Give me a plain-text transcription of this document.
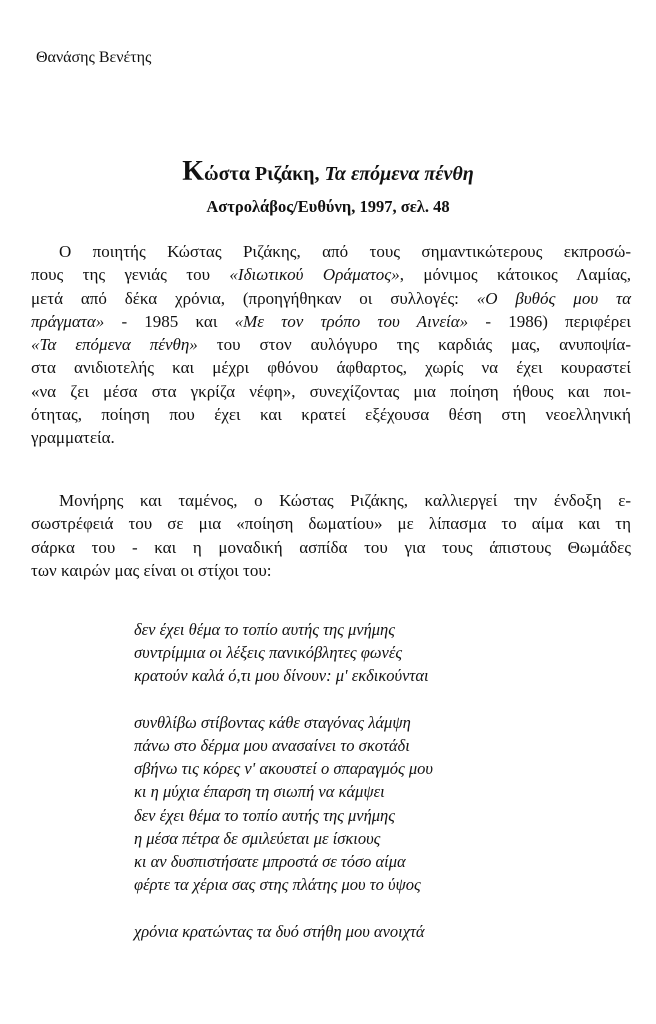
Θανάσης Βενέτης
Κώστα Ριζάκη, Τα επόμενα πένθη
Αστρολάβος/Ευθύνη, 1997, σελ. 48
Ο ποιητής Κώστας Ριζάκης, από τους σημαντικώτερους εκπροσώ-
πους της γενιάς του «Ιδιωτικού Οράματος», μόνιμος κάτοικος Λαμίας,
μετά από δέκα χρόνια, (προηγήθηκαν οι συλλογές: «Ο βυθός μου τα
πράγματα» - 1985 και «Με τον τρόπο του Αινεία» - 1986) περιφέρει
«Τα επόμενα πένθη» του στον αυλόγυρο της καρδιάς μας, ανυποψία-
στα ανιδιοτελής και μέχρι φθόνου άφθαρτος, χωρίς να έχει κουραστεί
«να ζει μέσα στα γκρίζα νέφη», συνεχίζοντας μια ποίηση ήθους και ποι-
ότητας, ποίηση που έχει και κρατεί εξέχουσα θέση στη νεοελληνική
γραμματεία.
Μονήρης και ταμένος, ο Κώστας Ριζάκης, καλλιεργεί την ένδοξη ε-
σωστρέφειά του σε μια «ποίηση δωματίου» με λίπασμα το αίμα και τη
σάρκα του - και η μοναδική ασπίδα του για τους άπιστους Θωμάδες
των καιρών μας είναι οι στίχοι του:
δεν έχει θέμα το τοπίο αυτής της μνήμης
συντρίμμια οι λέξεις πανικόβλητες φωνές
κρατούν καλά ό,τι μου δίνουν: μ' εκδικούνται
συνθλίβω στίβοντας κάθε σταγόνας λάμψη
πάνω στο δέρμα μου ανασαίνει το σκοτάδι
σβήνω τις κόρες ν' ακουστεί ο σπαραγμός μου
κι η μύχια έπαρση τη σιωπή να κάμψει
δεν έχει θέμα το τοπίο αυτής της μνήμης
η μέσα πέτρα δε σμιλεύεται με ίσκιους
κι αν δυσπιστήσατε μπροστά σε τόσο αίμα
φέρτε τα χέρια σας στης πλάτης μου το ύψος
χρόνια κρατώντας τα δυό στήθη μου ανοιχτά
